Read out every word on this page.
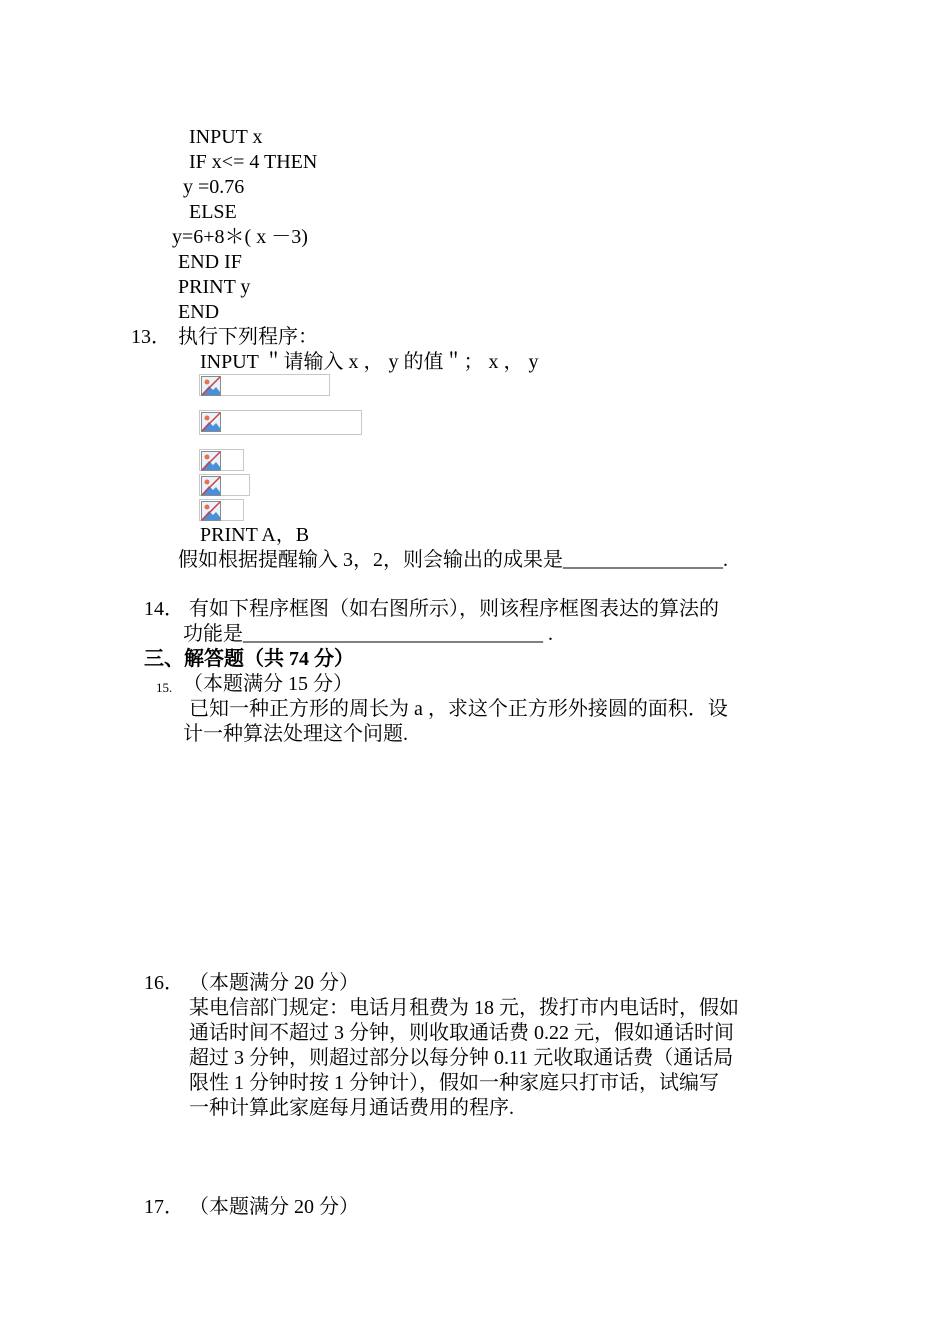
INPUT x
IF x<= 4 THEN
y =0.76
ELSE
y=6+8＊( x －3)
END IF
PRINT y
END
13． 执行下列程序：
INPUT ＂请输入 x ， y 的值＂； x ， y
PRINT A，B
假如根据提醒输入 3，2，则会输出的成果是________________.
14． 有如下程序框图（如右图所示），则该程序框图表达的算法的
功能是______________________________ .
三、解答题（共 74 分）
15. （本题满分 15 分）
已知一种正方形的周长为 a ，求这个正方形外接圆的面积．设
计一种算法处理这个问题.
16． （本题满分 20 分）
某电信部门规定：电话月租费为 18 元，拨打市内电话时，假如
通话时间不超过 3 分钟，则收取通话费 0.22 元，假如通话时间
超过 3 分钟，则超过部分以每分钟 0.11 元收取通话费（通话局
限性 1 分钟时按 1 分钟计），假如一种家庭只打市话，试编写
一种计算此家庭每月通话费用的程序.
17． （本题满分 20 分）
